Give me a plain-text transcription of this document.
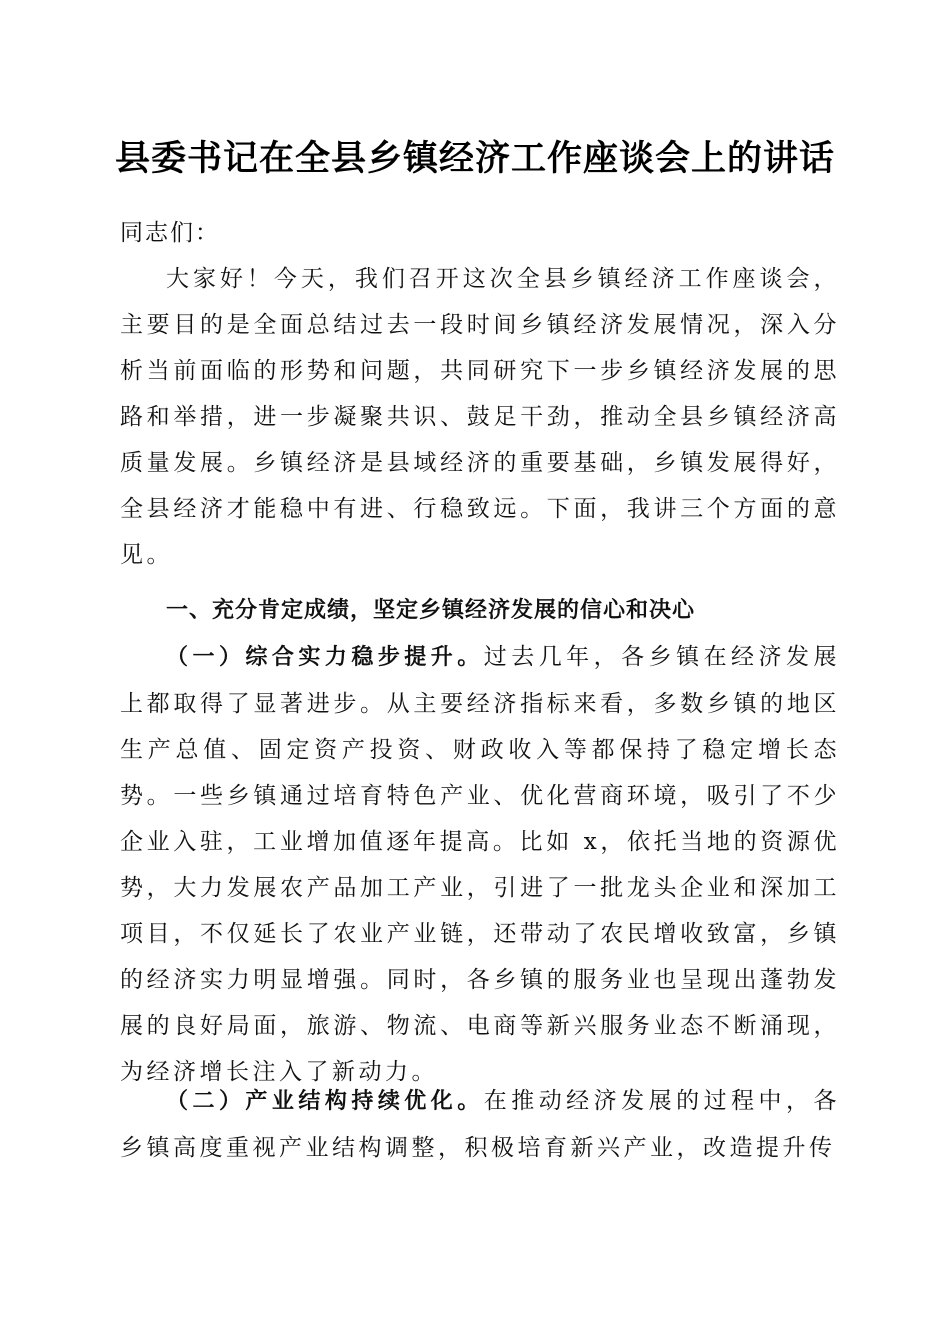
县委书记在全县乡镇经济工作座谈会上的讲话
同志们：

大家好！今天，我们召开这次全县乡镇经济工作座谈会，主要目的是全面总结过去一段时间乡镇经济发展情况，深入分析当前面临的形势和问题，共同研究下一步乡镇经济发展的思路和举措，进一步凝聚共识、鼓足干劲，推动全县乡镇经济高质量发展。乡镇经济是县域经济的重要基础，乡镇发展得好，全县经济才能稳中有进、行稳致远。下面，我讲三个方面的意见。

一、充分肯定成绩，坚定乡镇经济发展的信心和决心

（一）综合实力稳步提升。过去几年，各乡镇在经济发展上都取得了显著进步。从主要经济指标来看，多数乡镇的地区生产总值、固定资产投资、财政收入等都保持了稳定增长态势。一些乡镇通过培育特色产业、优化营商环境，吸引了不少企业入驻，工业增加值逐年提高。比如 x，依托当地的资源优势，大力发展农产品加工产业，引进了一批龙头企业和深加工项目，不仅延长了农业产业链，还带动了农民增收致富，乡镇的经济实力明显增强。同时，各乡镇的服务业也呈现出蓬勃发展的良好局面，旅游、物流、电商等新兴服务业态不断涌现，为经济增长注入了新动力。

（二）产业结构持续优化。在推动经济发展的过程中，各乡镇高度重视产业结构调整，积极培育新兴产业，改造提升传
